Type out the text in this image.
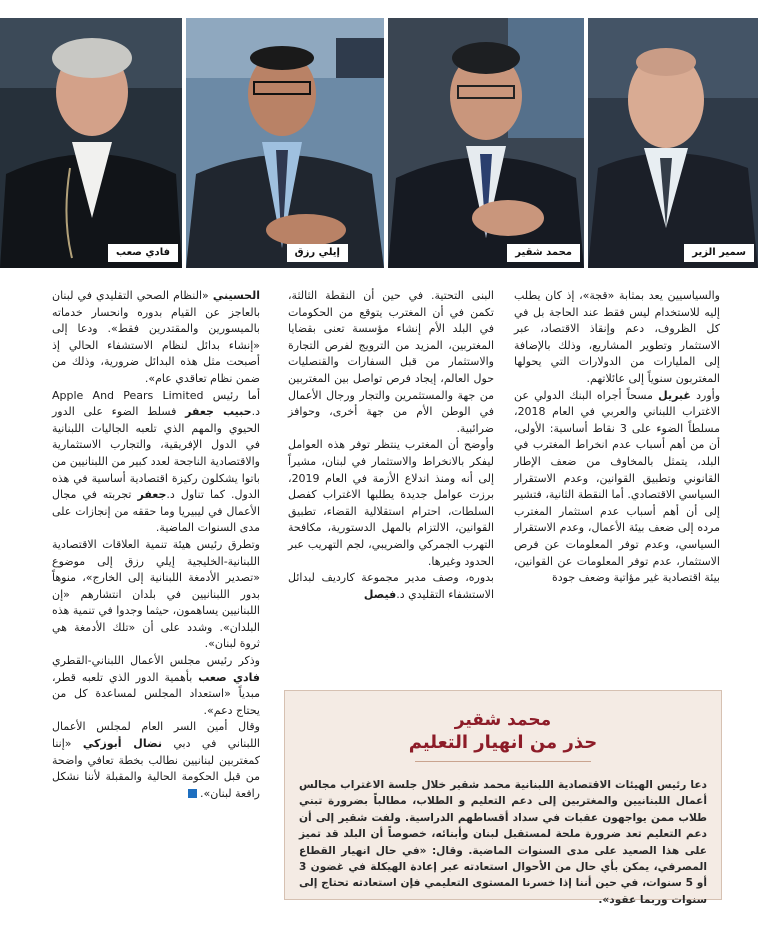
سمير الزير
محمد شقير
إيلي رزق
فادي صعب

والسياسيين يعد بمثابة «قجة»، إذ كان يطلب إليه للاستخدام ليس فقط عند الحاجة بل في كل الظروف، دعم وإنقاذ الاقتصاد، عبر الاستثمار وتطوير المشاريع، وذلك بالإضافة إلى المليارات من الدولارات التي يحولها المغتربون سنوياً إلى عائلاتهم.

وأورد غبريل مسحاً أجراه البنك الدولي عن الاغتراب اللبناني والعربي في العام 2018، مسلطاً الضوء على 3 نقاط أساسية: الأولى، أن من أهم أسباب عدم انخراط المغترب في البلد، يتمثل بالمخاوف من ضعف الإطار القانوني وتطبيق القوانين، وعدم الاستقرار السياسي الاقتصادي. أما النقطة الثانية، فتشير إلى أن أهم أسباب عدم استثمار المغترب مرده إلى ضعف بيئة الأعمال، وعدم الاستقرار السياسي، وعدم توفر المعلومات عن فرص الاستثمار، عدم توفر المعلومات عن القوانين، بيئة اقتصادية غير مؤاتية وضعف جودة

البنى التحتية. في حين أن النقطة الثالثة، تكمن في أن المغترب يتوقع من الحكومات في البلد الأم إنشاء مؤسسة تعنى بقضايا المغتربين، المزيد من الترويج لفرص التجارة والاستثمار من قبل السفارات والقنصليات حول العالم، إيجاد فرص تواصل بين المغتربين من جهة والمستثمرين والتجار ورجال الأعمال في الوطن الأم من جهة أخرى، وحوافز ضرائبية.

وأوضح أن المغترب ينتظر توفر هذه العوامل ليفكر بالانخراط والاستثمار في لبنان، مشيراً إلى أنه ومنذ اندلاع الأزمة في العام 2019، برزت عوامل جديدة يطلبها الاغتراب كفصل السلطات، احترام استقلالية القضاء، تطبيق القوانين، الالتزام بالمهل الدستورية، مكافحة التهرب الجمركي والضريبي، لجم التهريب عبر الحدود وغيرها.

بدوره، وصف مدير مجموعة كارديف لبدائل الاستشفاء التقليدي د.فيصل

الحسيني «النظام الصحي التقليدي في لبنان بالعاجز عن القيام بدوره وانحسار خدماته بالميسورين والمقتدرين فقط». ودعا إلى «إنشاء بدائل لنظام الاستشفاء الحالي إذ أصبحت مثل هذه البدائل ضرورية، وذلك من ضمن نظام تعاقدي عام».

أما رئيس Apple And Pears Limited د.حبيب جعفر فسلط الضوء على الدور الحيوي والمهم الذي تلعبه الجاليات اللبنانية في الدول الإفريقية، والتجارب الاستثمارية والاقتصادية الناجحة لعدد كبير من اللبنانيين من باتوا يشكلون ركيزة اقتصادية أساسية في هذه الدول. كما تناول د.جعفر تجربته في مجال الأعمال في ليبيريا وما حققه من إنجازات على مدى السنوات الماضية.

وتطرق رئيس هيئة تنمية العلاقات الاقتصادية اللبنانية-الخليجية إيلي رزق إلى موضوع «تصدير الأدمغة اللبنانية إلى الخارج»، منوهاً بدور اللبنانيين في بلدان انتشارهم «إن اللبنانيين يساهمون، حيثما وجدوا في تنمية هذه البلدان». وشدد على أن «تلك الأدمغة هي ثروة لبنان».

وذكر رئيس مجلس الأعمال اللبناني-القطري فادي صعب بأهمية الدور الذي تلعبه قطر، مبدياً «استعداد المجلس لمساعدة كل من يحتاج دعم».

وقال أمين السر العام لمجلس الأعمال اللبناني في دبي نضال أبوزكي «إننا كمغتربين لبنانيين نطالب بخطة تعافي واضحة من قبل الحكومة الحالية والمقبلة لأننا نشكل رافعة لبنان».

محمد شقير
حذر من انهيار التعليم

دعا رئيس الهيئات الاقتصادية اللبنانية محمد شقير خلال جلسة الاغتراب مجالس أعمال اللبنانيين والمغتربين إلى دعم التعليم و الطلاب، مطالباً بضرورة تبني طلاب ممن يواجهون عقبات في سداد أقساطهم الدراسية. ولفت شقير إلى أن دعم التعليم تعد ضرورة ملحة لمستقبل لبنان وأبنائه، خصوصاً أن البلد قد تميز على هذا الصعيد على مدى السنوات الماضية. وقال: «في حال انهيار القطاع المصرفي، يمكن بأي حال من الأحوال استعادته عبر إعادة الهيكلة في غضون 3 أو 5 سنوات، في حين أننا إذا خسرنا المستوى التعليمي فإن استعادته تحتاج إلى سنوات وربما عقود».
